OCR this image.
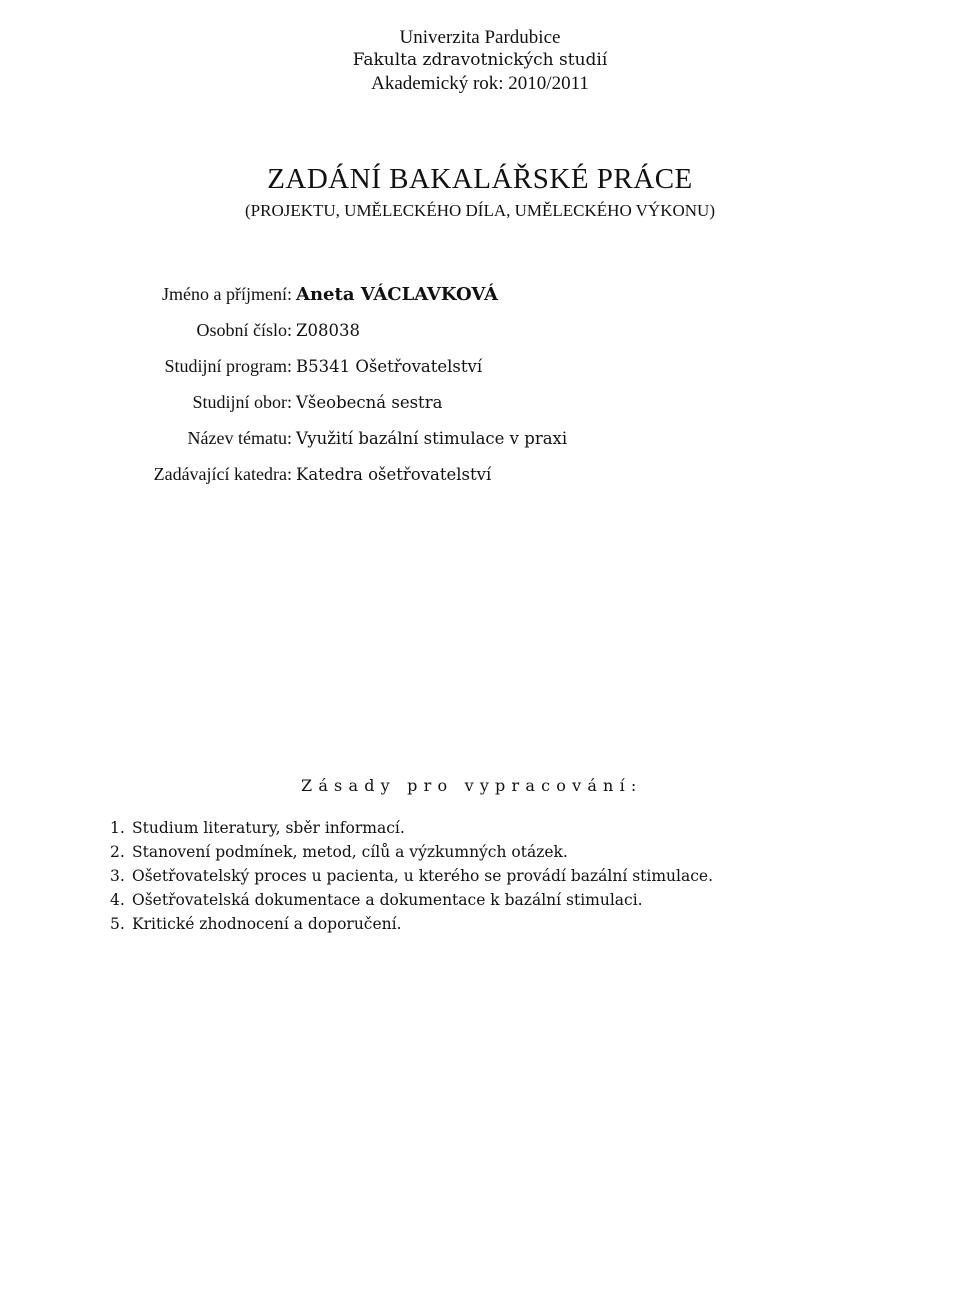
Univerzita Pardubice
Fakulta zdravotnických studií
Akademický rok: 2010/2011
ZADÁNÍ BAKALÁŘSKÉ PRÁCE
(PROJEKTU, UMĚLECKÉHO DÍLA, UMĚLECKÉHO VÝKONU)
Jméno a příjmení: Aneta VÁCLAVKOVÁ
Osobní číslo: Z08038
Studijní program: B5341 Ošetřovatelství
Studijní obor: Všeobecná sestra
Název tématu: Využití bazální stimulace v praxi
Zadávající katedra: Katedra ošetřovatelství
Zásady pro vypracování:
1. Studium literatury, sběr informací.
2. Stanovení podmínek, metod, cílů a výzkumných otázek.
3. Ošetřovatelský proces u pacienta, u kterého se provádí bazální stimulace.
4. Ošetřovatelská dokumentace a dokumentace k bazální stimulaci.
5. Kritické zhodnocení a doporučení.
